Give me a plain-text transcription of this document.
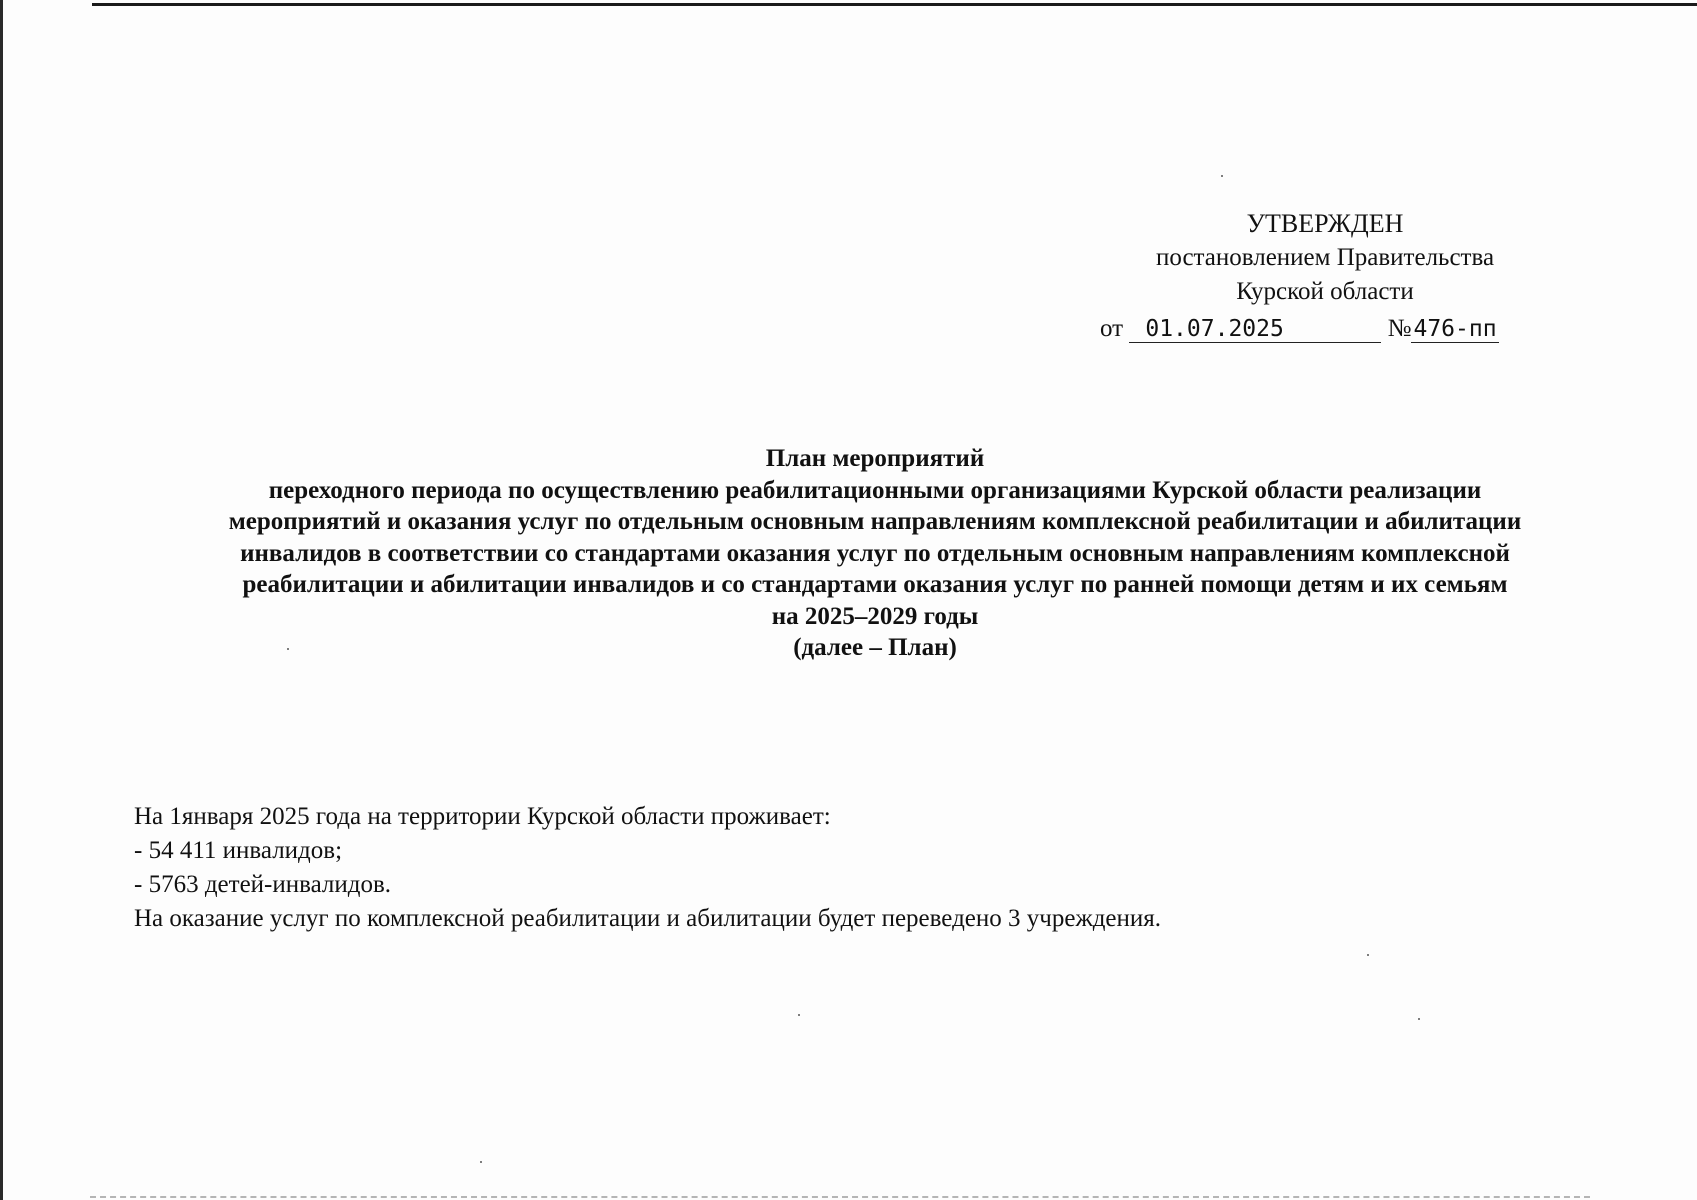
УТВЕРЖДЕН
постановлением Правительства
Курской области
от 01.07.2025	№476-пп
План мероприятий
переходного периода по осуществлению реабилитационными организациями Курской области реализации
мероприятий и оказания услуг по отдельным основным направлениям комплексной реабилитации и абилитации
инвалидов в соответствии со стандартами оказания услуг по отдельным основным направлениям комплексной
реабилитации и абилитации инвалидов и со стандартами оказания услуг по ранней помощи детям и их семьям
на 2025–2029 годы
(далее – План)

На 1января 2025 года на территории Курской области проживает:

- 54 411 инвалидов;

- 5763 детей-инвалидов.

На оказание услуг по комплексной реабилитации и абилитации будет переведено 3 учреждения.
